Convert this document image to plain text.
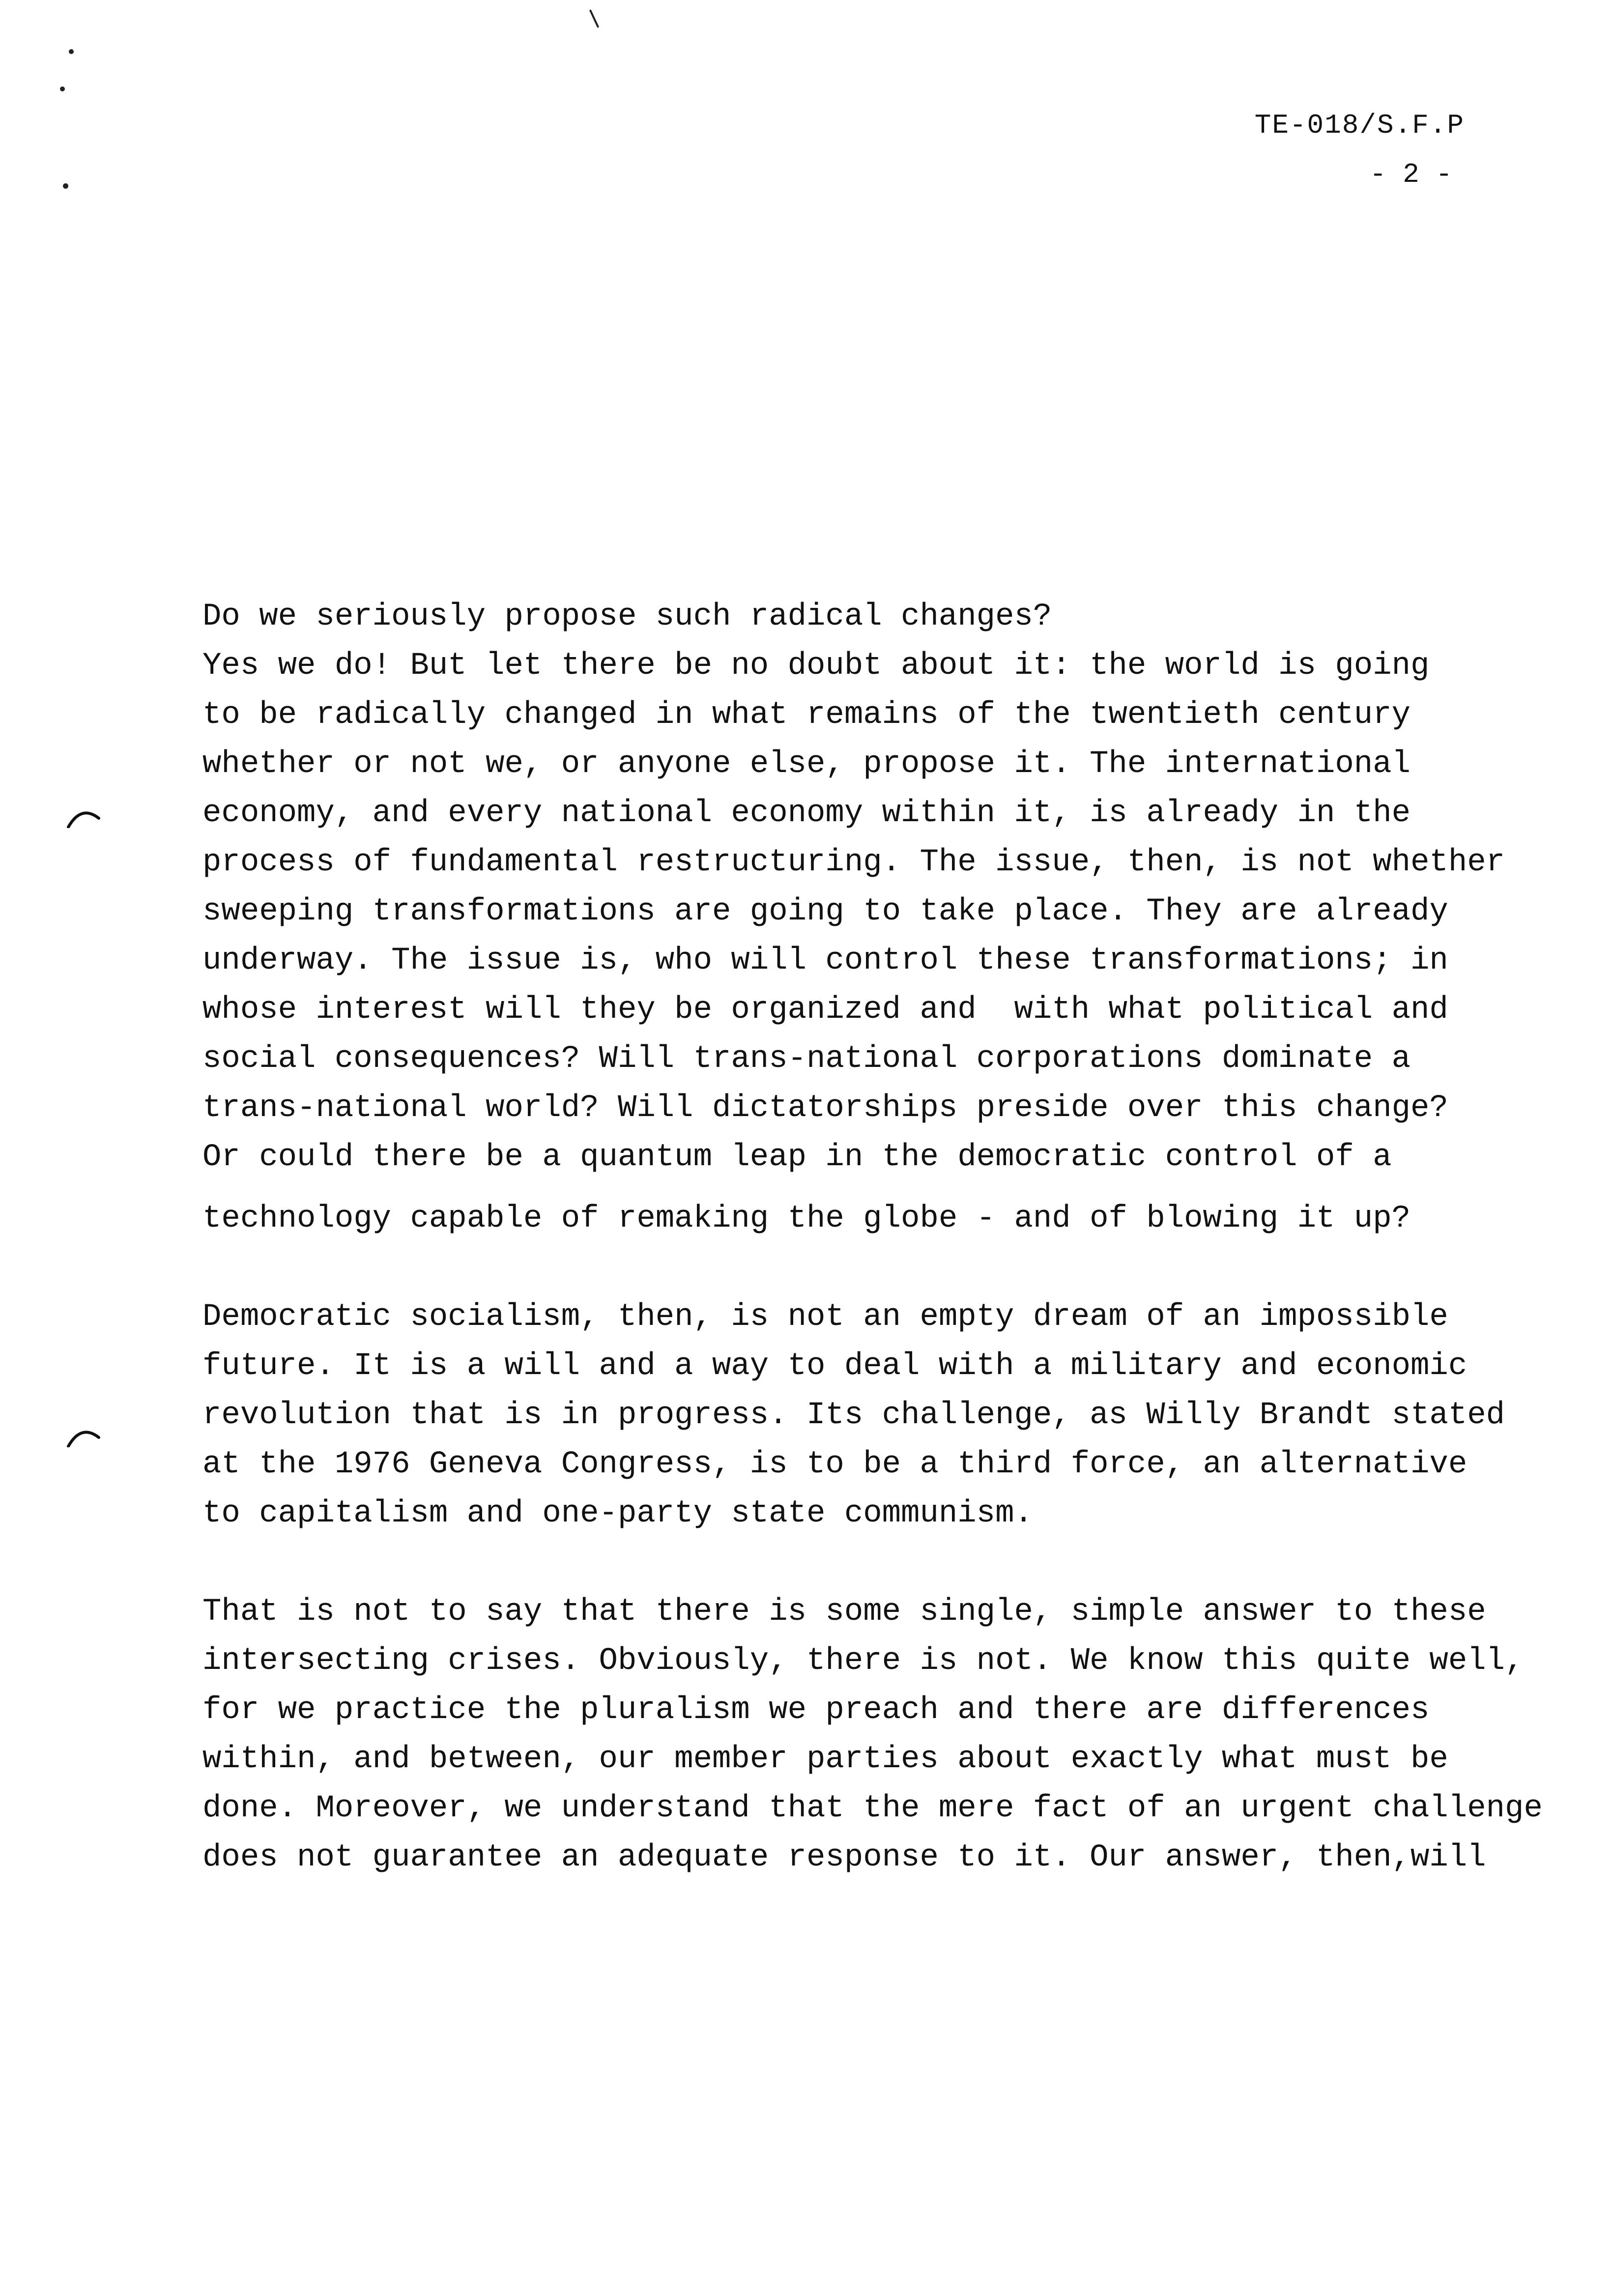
TE-018/S.F.P
- 2 -
Do we seriously propose such radical changes?
Yes we do! But let there be no doubt about it: the world is going
to be radically changed in what remains of the twentieth century
whether or not we, or anyone else, propose it. The international
economy, and every national economy within it, is already in the
process of fundamental restructuring. The issue, then, is not whether
sweeping transformations are going to take place. They are already
underway. The issue is, who will control these transformations; in
whose interest will they be organized and  with what political and
social consequences? Will trans-national corporations dominate a
trans-national world? Will dictatorships preside over this change?
Or could there be a quantum leap in the democratic control of a
technology capable of remaking the globe - and of blowing it up?
Democratic socialism, then, is not an empty dream of an impossible
future. It is a will and a way to deal with a military and economic
revolution that is in progress. Its challenge, as Willy Brandt stated
at the 1976 Geneva Congress, is to be a third force, an alternative
to capitalism and one-party state communism.
That is not to say that there is some single, simple answer to these
intersecting crises. Obviously, there is not. We know this quite well,
for we practice the pluralism we preach and there are differences
within, and between, our member parties about exactly what must be
done. Moreover, we understand that the mere fact of an urgent challenge
does not guarantee an adequate response to it. Our answer, then,will
